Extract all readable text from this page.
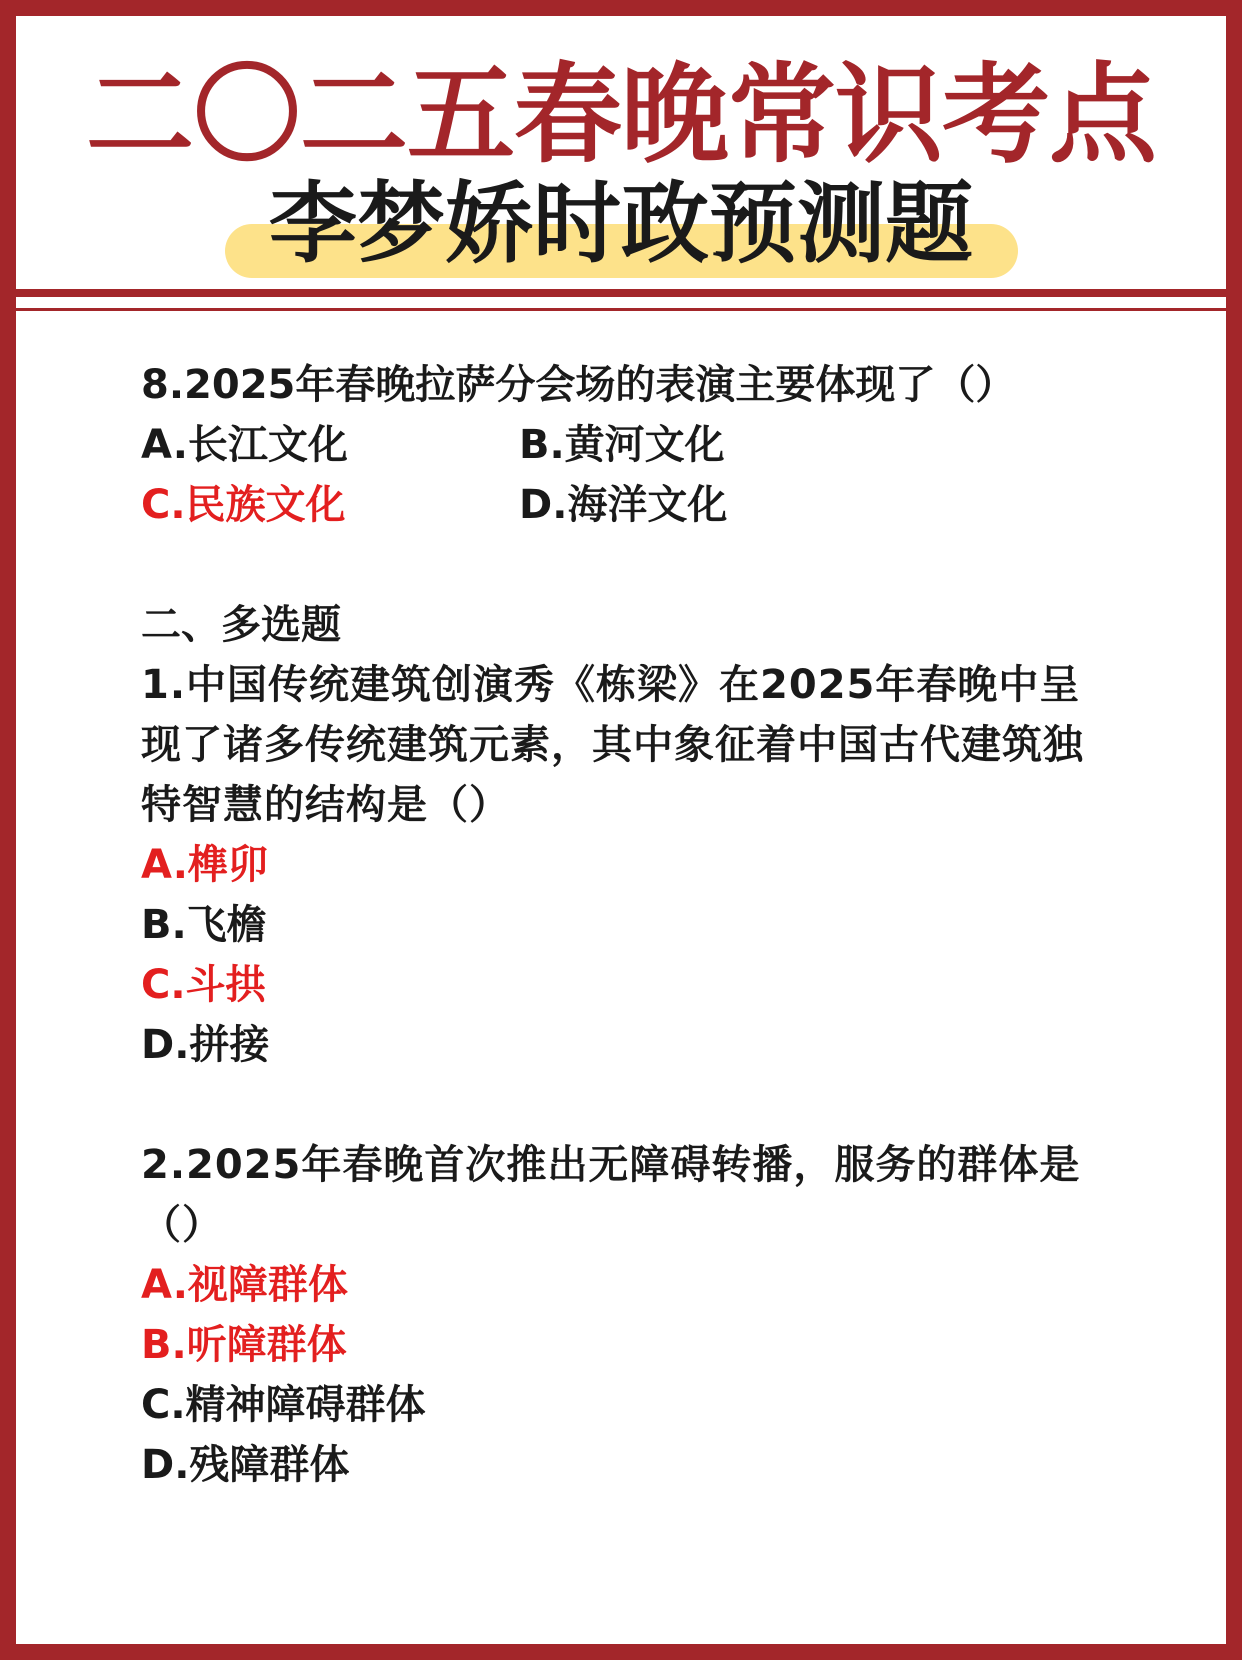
二〇二五春晚常识考点
李梦娇时政预测题
8.2025年春晚拉萨分会场的表演主要体现了（）
A.长江文化	B.黄河文化
C.民族文化	D.海洋文化
二、多选题
1.中国传统建筑创演秀《栋梁》在2025年春晚中呈现了诸多传统建筑元素，其中象征着中国古代建筑独特智慧的结构是（）
A.榫卯
B.飞檐
C.斗拱
D.拼接
2.2025年春晚首次推出无障碍转播，服务的群体是（）
A.视障群体
B.听障群体
C.精神障碍群体
D.残障群体
